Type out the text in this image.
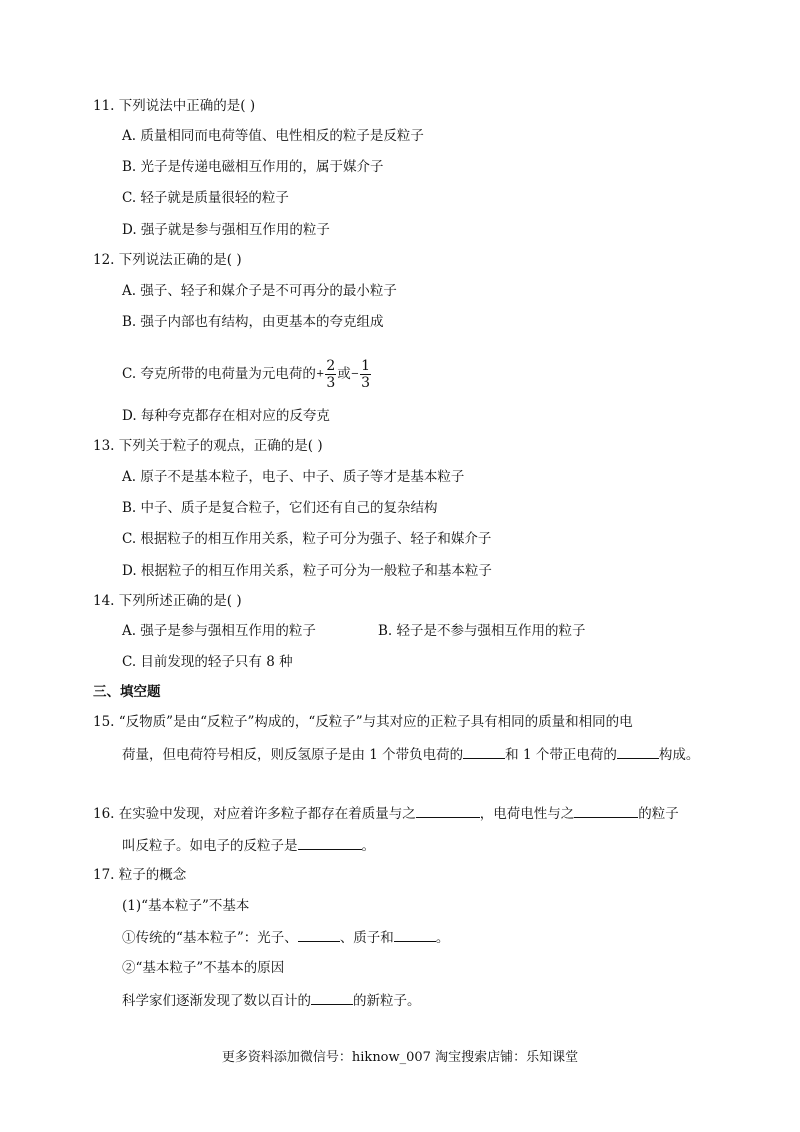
11. 下列说法中正确的是( )
A. 质量相同而电荷等值、电性相反的粒子是反粒子
B. 光子是传递电磁相互作用的，属于媒介子
C. 轻子就是质量很轻的粒子
D. 强子就是参与强相互作用的粒子
12. 下列说法正确的是( )
A. 强子、轻子和媒介子是不可再分的最小粒子
B. 强子内部也有结构，由更基本的夸克组成
C. 夸克所带的电荷量为元电荷的+ $\frac{2}{3}$ 或− $\frac{1}{3}$
D. 每种夸克都存在相对应的反夸克
13. 下列关于粒子的观点，正确的是( )
A. 原子不是基本粒子，电子、中子、质子等才是基本粒子
B. 中子、质子是复合粒子，它们还有自己的复杂结构
C. 根据粒子的相互作用关系，粒子可分为强子、轻子和媒介子
D. 根据粒子的相互作用关系，粒子可分为一般粒子和基本粒子
14. 下列所述正确的是( )
A. 强子是参与强相互作用的粒子	B. 轻子是不参与强相互作用的粒子
C. 目前发现的轻子只有 8 种
三、填空题
15. “反物质”是由“反粒子”构成的，“反粒子”与其对应的正粒子具有相同的质量和相同的电
荷量，但电荷符号相反，则反氢原子是由 1 个带负电荷的	和 1 个带正电荷的	构成。
16. 在实验中发现，对应着许多粒子都存在着质量与之	，电荷电性与之	的粒子
叫反粒子。如电子的反粒子是	。
17. 粒子的概念
(1)“基本粒子”不基本
①传统的“基本粒子”：光子、	、质子和	。
②“基本粒子”不基本的原因
科学家们逐渐发现了数以百计的	的新粒子。
更多资料添加微信号：hiknow_007 淘宝搜索店铺：乐知课堂
